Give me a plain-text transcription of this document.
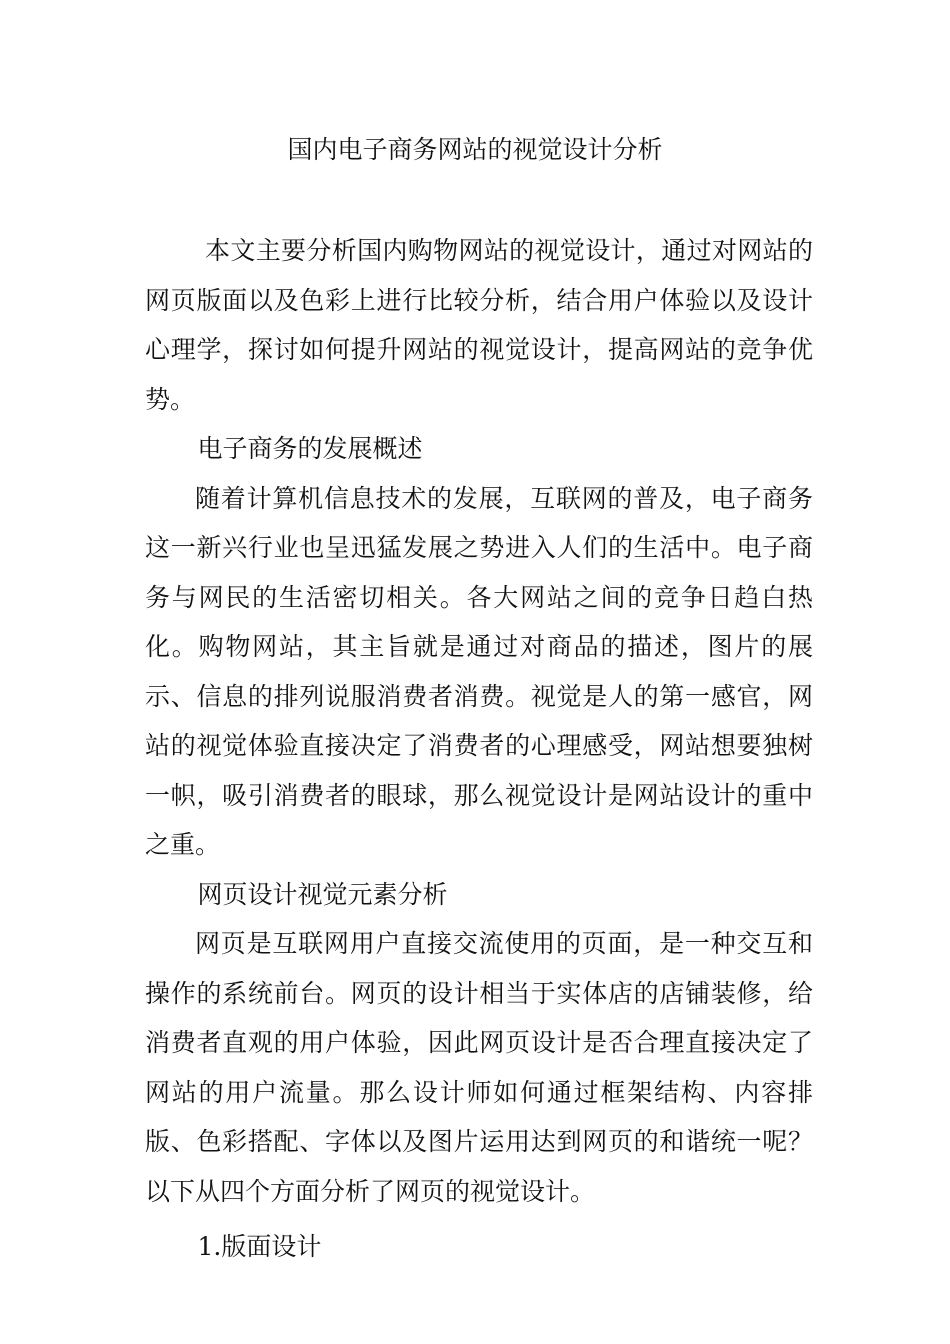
国内电子商务网站的视觉设计分析

本文主要分析国内购物网站的视觉设计，通过对网站的网页版面以及色彩上进行比较分析，结合用户体验以及设计心理学，探讨如何提升网站的视觉设计，提高网站的竞争优势。

电子商务的发展概述

随着计算机信息技术的发展，互联网的普及，电子商务这一新兴行业也呈迅猛发展之势进入人们的生活中。电子商务与网民的生活密切相关。各大网站之间的竞争日趋白热化。购物网站，其主旨就是通过对商品的描述，图片的展示、信息的排列说服消费者消费。视觉是人的第一感官，网站的视觉体验直接决定了消费者的心理感受，网站想要独树一帜，吸引消费者的眼球，那么视觉设计是网站设计的重中之重。

网页设计视觉元素分析

网页是互联网用户直接交流使用的页面，是一种交互和操作的系统前台。网页的设计相当于实体店的店铺装修，给消费者直观的用户体验，因此网页设计是否合理直接决定了网站的用户流量。那么设计师如何通过框架结构、内容排版、色彩搭配、字体以及图片运用达到网页的和谐统一呢？以下从四个方面分析了网页的视觉设计。

1.版面设计
